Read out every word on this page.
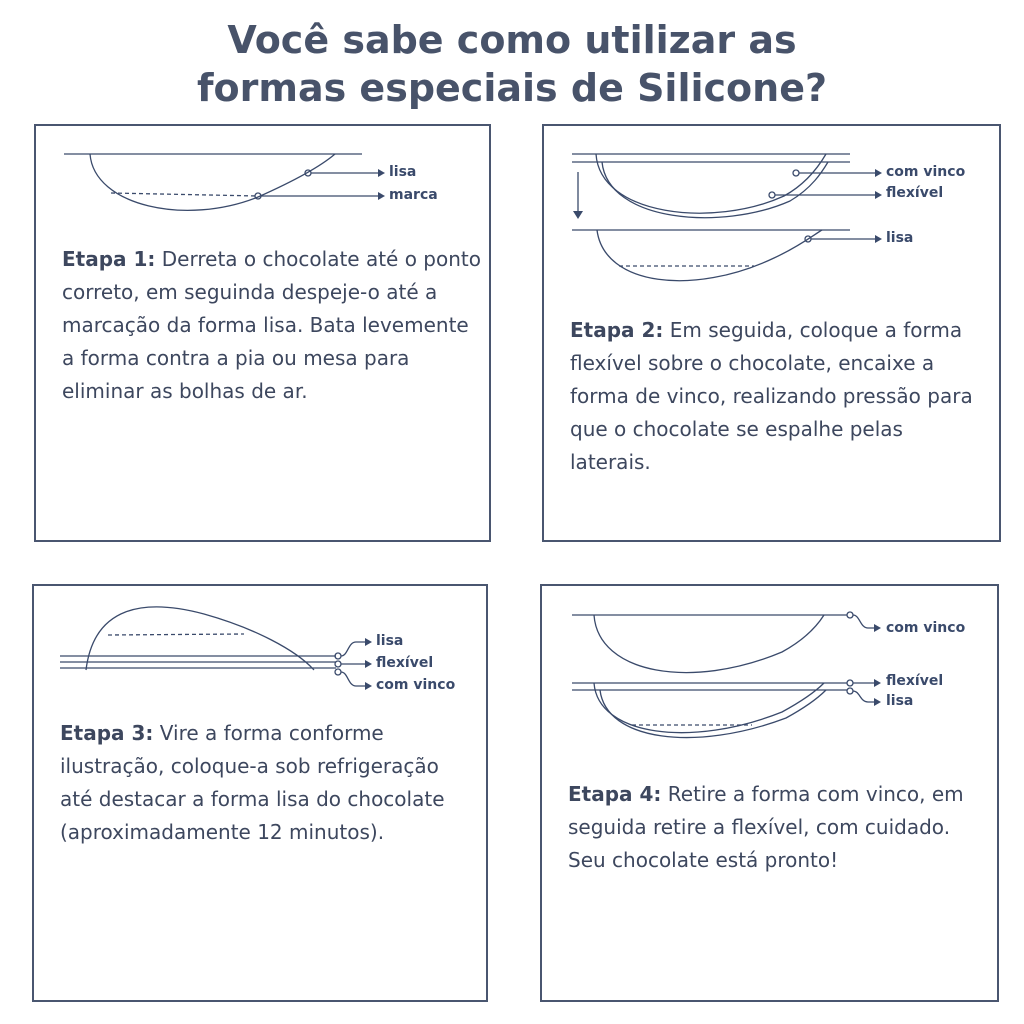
Você sabe como utilizar as
formas especiais de Silicone?
lisa
marca

Etapa 1: Derreta o chocolate até o ponto correto, em seguinda despeje-o até a marcação da forma lisa. Bata levemente a forma contra a pia ou mesa para eliminar as bolhas de ar.

com vinco
flexível
lisa

Etapa 2: Em seguida, coloque a forma flexível sobre o chocolate, encaixe a forma de vinco, realizando pressão para que o chocolate se espalhe pelas laterais.

lisa
flexível
com vinco

Etapa 3: Vire a forma conforme ilustração, coloque-a sob refrigeração até destacar a forma lisa do chocolate (aproximadamente 12 minutos).

com vinco
flexível
lisa

Etapa 4: Retire a forma com vinco, em seguida retire a flexível, com cuidado. Seu chocolate está pronto!
